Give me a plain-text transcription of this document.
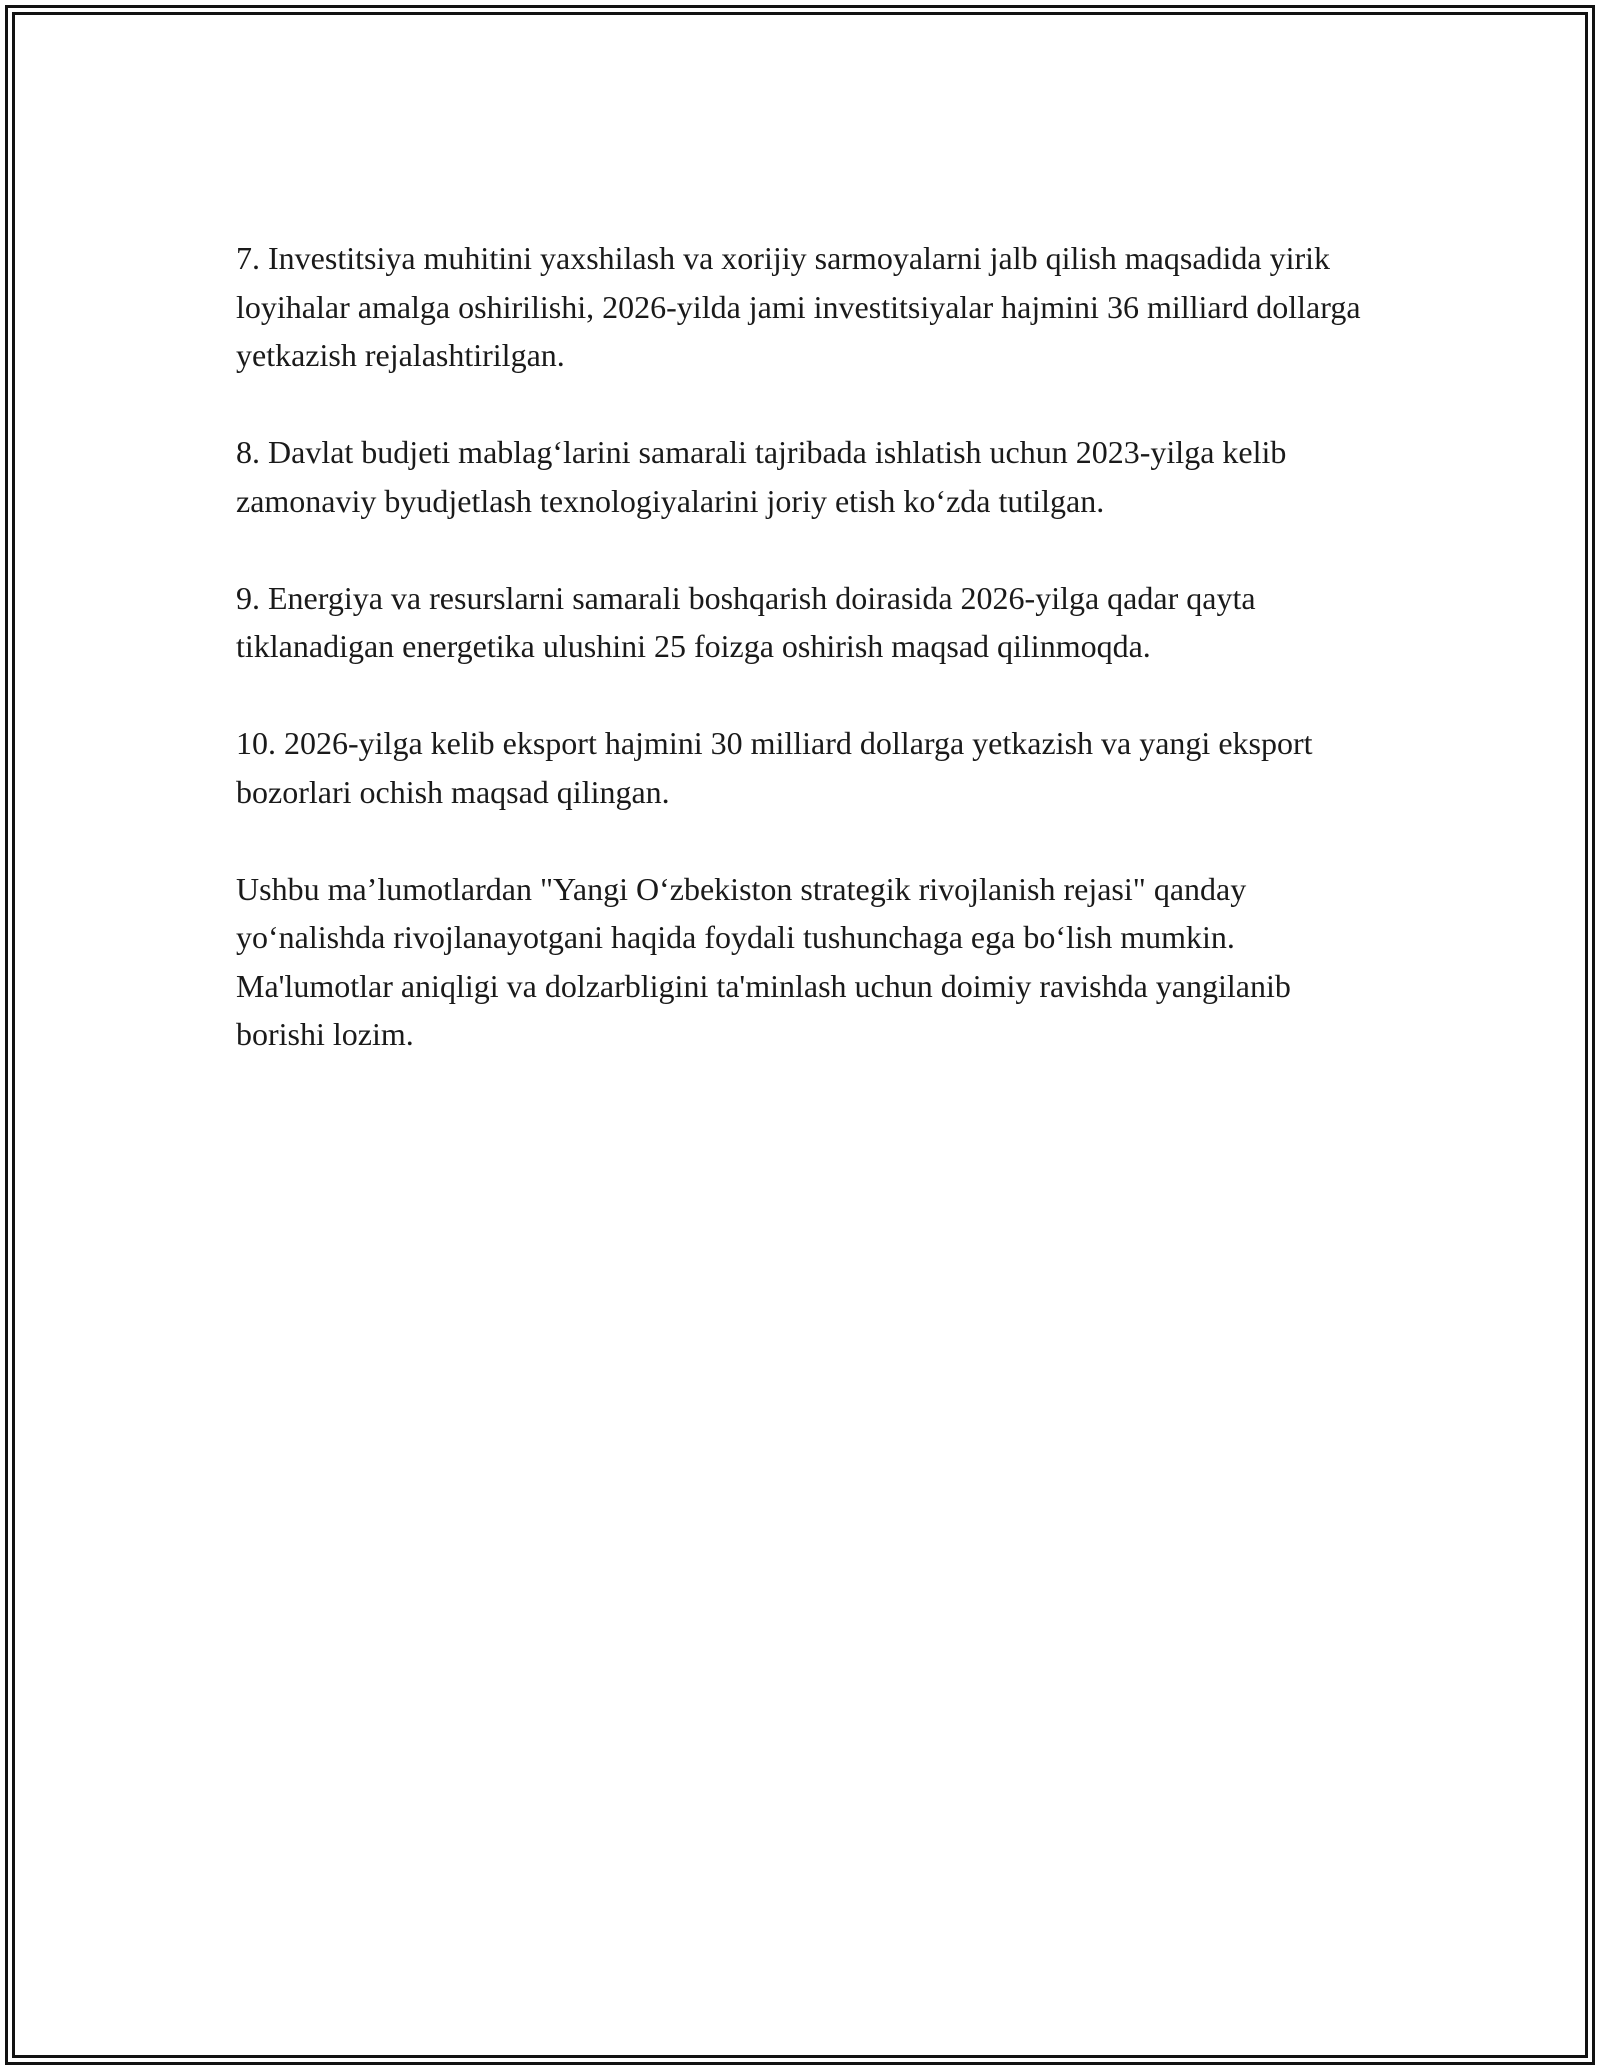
7. Investitsiya muhitini yaxshilash va xorijiy sarmoyalarni jalb qilish maqsadida yirik loyihalar amalga oshirilishi, 2026-yilda jami investitsiyalar hajmini 36 milliard dollarga yetkazish rejalashtirilgan.

8. Davlat budjeti mablag‘larini samarali tajribada ishlatish uchun 2023-yilga kelib zamonaviy byudjetlash texnologiyalarini joriy etish ko‘zda tutilgan.

9. Energiya va resurslarni samarali boshqarish doirasida 2026-yilga qadar qayta tiklanadigan energetika ulushini 25 foizga oshirish maqsad qilinmoqda.

10. 2026-yilga kelib eksport hajmini 30 milliard dollarga yetkazish va yangi eksport bozorlari ochish maqsad qilingan.

Ushbu ma’lumotlardan "Yangi O‘zbekiston strategik rivojlanish rejasi" qanday yo‘nalishda rivojlanayotgani haqida foydali tushunchaga ega bo‘lish mumkin. Ma'lumotlar aniqligi va dolzarbligini ta'minlash uchun doimiy ravishda yangilanib borishi lozim.
